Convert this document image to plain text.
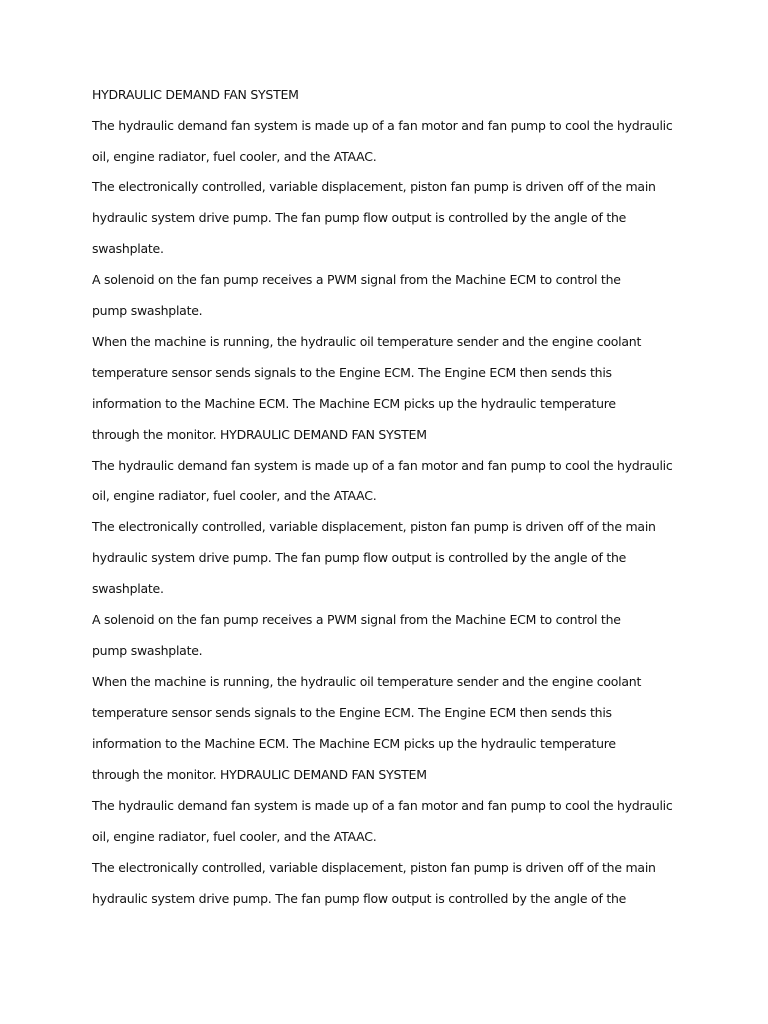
HYDRAULIC DEMAND FAN SYSTEM

The hydraulic demand fan system is made up of a fan motor and fan pump to cool the hydraulic

oil, engine radiator, fuel cooler, and the ATAAC.

The electronically controlled, variable displacement, piston fan pump is driven off of the main

hydraulic system drive pump. The fan pump flow output is controlled by the angle of the

swashplate.

A solenoid on the fan pump receives a PWM signal from the Machine ECM to control the

pump swashplate.

When the machine is running, the hydraulic oil temperature sender and the engine coolant

temperature sensor sends signals to the Engine ECM. The Engine ECM then sends this

information to the Machine ECM. The Machine ECM picks up the hydraulic temperature

through the monitor. HYDRAULIC DEMAND FAN SYSTEM

The hydraulic demand fan system is made up of a fan motor and fan pump to cool the hydraulic

oil, engine radiator, fuel cooler, and the ATAAC.

The electronically controlled, variable displacement, piston fan pump is driven off of the main

hydraulic system drive pump. The fan pump flow output is controlled by the angle of the

swashplate.

A solenoid on the fan pump receives a PWM signal from the Machine ECM to control the

pump swashplate.

When the machine is running, the hydraulic oil temperature sender and the engine coolant

temperature sensor sends signals to the Engine ECM. The Engine ECM then sends this

information to the Machine ECM. The Machine ECM picks up the hydraulic temperature

through the monitor. HYDRAULIC DEMAND FAN SYSTEM

The hydraulic demand fan system is made up of a fan motor and fan pump to cool the hydraulic

oil, engine radiator, fuel cooler, and the ATAAC.

The electronically controlled, variable displacement, piston fan pump is driven off of the main

hydraulic system drive pump. The fan pump flow output is controlled by the angle of the
